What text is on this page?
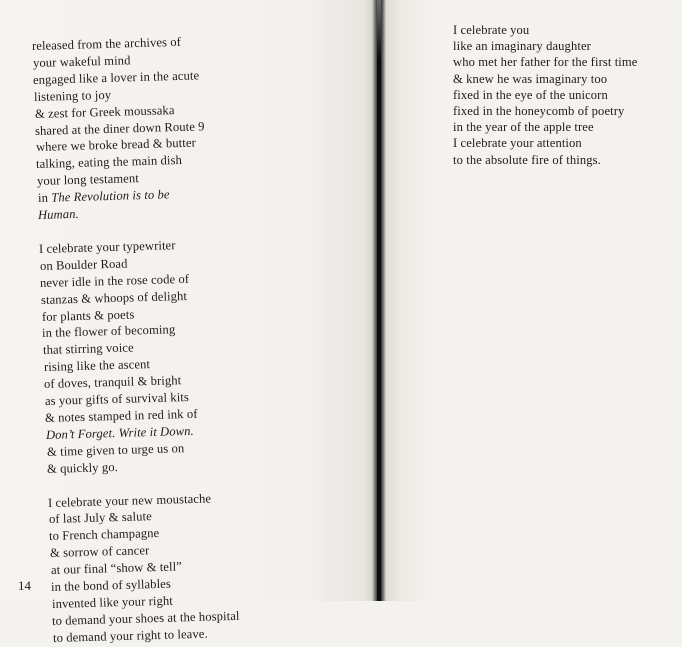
released from the archives of
your wakeful mind
engaged like a lover in the acute
listening to joy
& zest for Greek moussaka
shared at the diner down Route 9
where we broke bread & butter
talking, eating the main dish
your long testament
in The Revolution is to be
Human.
I celebrate your typewriter
on Boulder Road
never idle in the rose code of
stanzas & whoops of delight
for plants & poets
in the flower of becoming
that stirring voice
rising like the ascent
of doves, tranquil & bright
as your gifts of survival kits
& notes stamped in red ink of
Don’t Forget. Write it Down.
& time given to urge us on
& quickly go.
I celebrate your new moustache
of last July & salute
to French champagne
& sorrow of cancer
at our final “show & tell”
in the bond of syllables
invented like your right
to demand your shoes at the hospital
to demand your right to leave.
14
I celebrate you
like an imaginary daughter
who met her father for the first time
& knew he was imaginary too
fixed in the eye of the unicorn
fixed in the honeycomb of poetry
in the year of the apple tree
I celebrate your attention
to the absolute fire of things.
